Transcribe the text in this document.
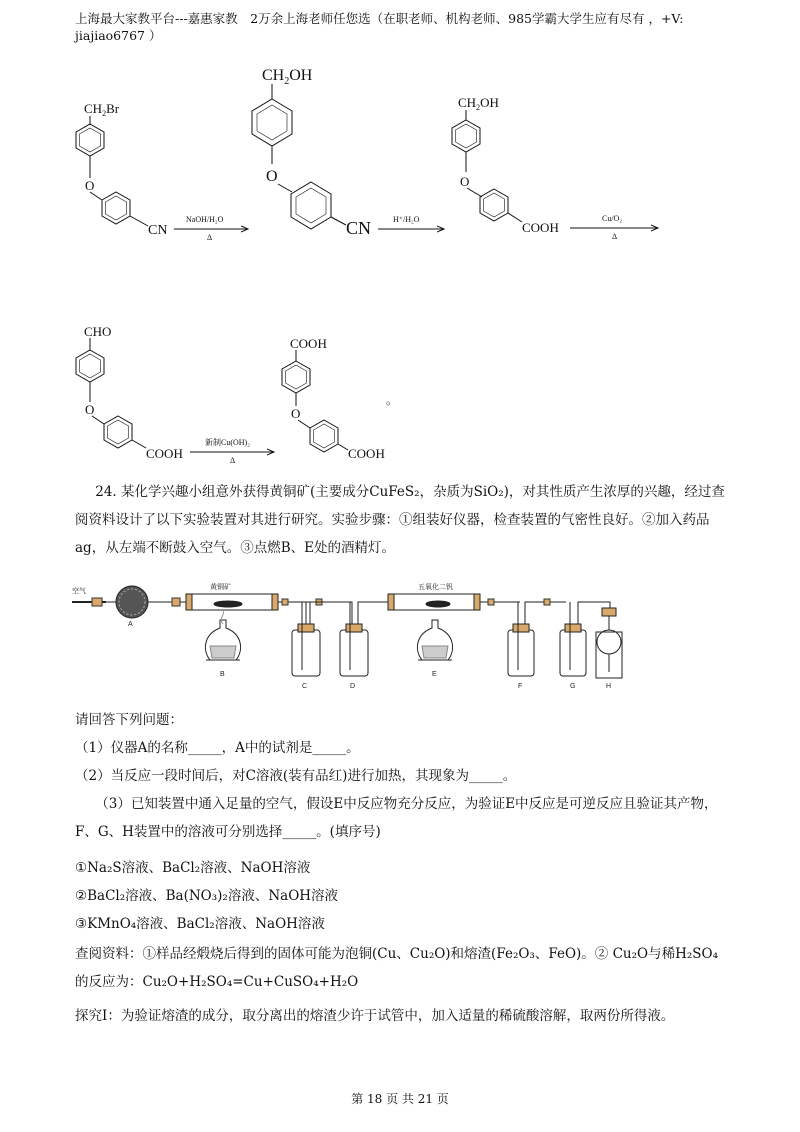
上海最大家教平台---嘉惠家教　2万余上海老师任您选（在职老师、机构老师、985学霸大学生应有尽有 ，+V: jiajiao6767 ）
$CH_2Br$
O
CN
NaOH/H₂O
Δ
$CH_2OH$
O
CN	H⁺/H₂O
$CH_2OH$
O
COOH
Cu/O₂
Δ
CHO
O
COOH
新制Cu(OH)₂
Δ
COOH
O
COOH
。

24. 某化学兴趣小组意外获得黄铜矿(主要成分CuFeS₂，杂质为SiO₂)，对其性质产生浓厚的兴趣，经过查阅资料设计了以下实验装置对其进行研究。实验步骤：①组装好仪器，检查装置的气密性良好。②加入药品ag，从左端不断鼓入空气。③点燃B、E处的酒精灯。

空气
黄铜矿	五氧化二钒
A
B
C	D
E
F	G	H

请回答下列问题：

（1）仪器A的名称_____，A中的试剂是_____。

（2）当反应一段时间后，对C溶液(装有品红)进行加热，其现象为_____。

（3）已知装置中通入足量的空气，假设E中反应物充分反应，为验证E中反应是可逆反应且验证其产物，F、G、H装置中的溶液可分别选择_____。(填序号)

①Na₂S溶液、BaCl₂溶液、NaOH溶液

②BaCl₂溶液、Ba(NO₃)₂溶液、NaOH溶液

③KMnO₄溶液、BaCl₂溶液、NaOH溶液

查阅资料：①样品经煅烧后得到的固体可能为泡铜(Cu、Cu₂O)和熔渣(Fe₂O₃、FeO)。② Cu₂O与稀H₂SO₄的反应为：Cu₂O+H₂SO₄=Cu+CuSO₄+H₂O

探究Ⅰ：为验证熔渣的成分，取分离出的熔渣少许于试管中，加入适量的稀硫酸溶解，取两份所得液。

第 18 页 共 21 页
